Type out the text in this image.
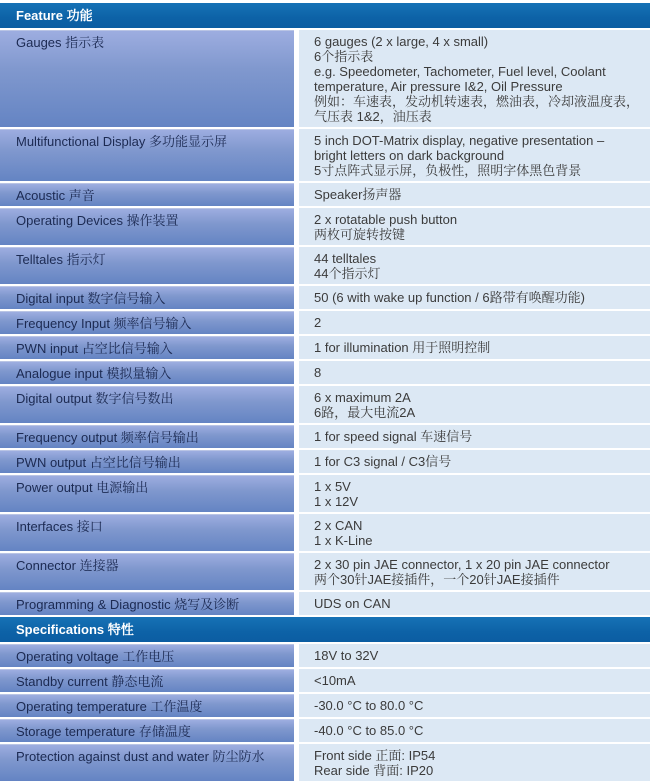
Feature 功能
Gauges 指示表	6 gauges (2 x large, 4 x small)
6个指示表
e.g. Speedometer, Tachometer, Fuel level, Coolant temperature, Air pressure I&2, Oil Pressure
例如：车速表，发动机转速表，燃油表，冷却液温度表，气压表 1&2，油压表
Multifunctional Display 多功能显示屏	5 inch DOT-Matrix display, negative presentation – bright letters on dark background
5寸点阵式显示屏，负极性，照明字体黑色背景
Acoustic 声音	Speaker扬声器
Operating Devices 操作装置	2 x rotatable push button
两枚可旋转按键
Telltales 指示灯	44 telltales
44个指示灯
Digital input 数字信号输入	50 (6 with wake up function / 6路带有唤醒功能)
Frequency Input 频率信号输入	2
PWN input 占空比信号输入	1 for illumination 用于照明控制
Analogue input 模拟量输入	8
Digital output 数字信号数出	6 x maximum 2A
6路，最大电流2A
Frequency output 频率信号输出	1 for speed signal 车速信号
PWN output 占空比信号输出	1 for C3 signal / C3信号
Power output 电源输出	1 x 5V
1 x 12V
Interfaces 接口	2 x CAN
1 x K-Line
Connector 连接器	2 x 30 pin JAE connector, 1 x 20 pin JAE connector
两个30针JAE接插件，一个20针JAE接插件
Programming & Diagnostic 烧写及诊断	UDS on CAN
Specifications 特性
Operating voltage 工作电压	18V to 32V
Standby current 静态电流	<10mA
Operating temperature 工作温度	-30.0 °C to 80.0 °C
Storage temperature 存储温度	-40.0 °C to 85.0 °C
Protection against dust and water 防尘防水	Front side 正面: IP54
Rear side 背面: IP20
